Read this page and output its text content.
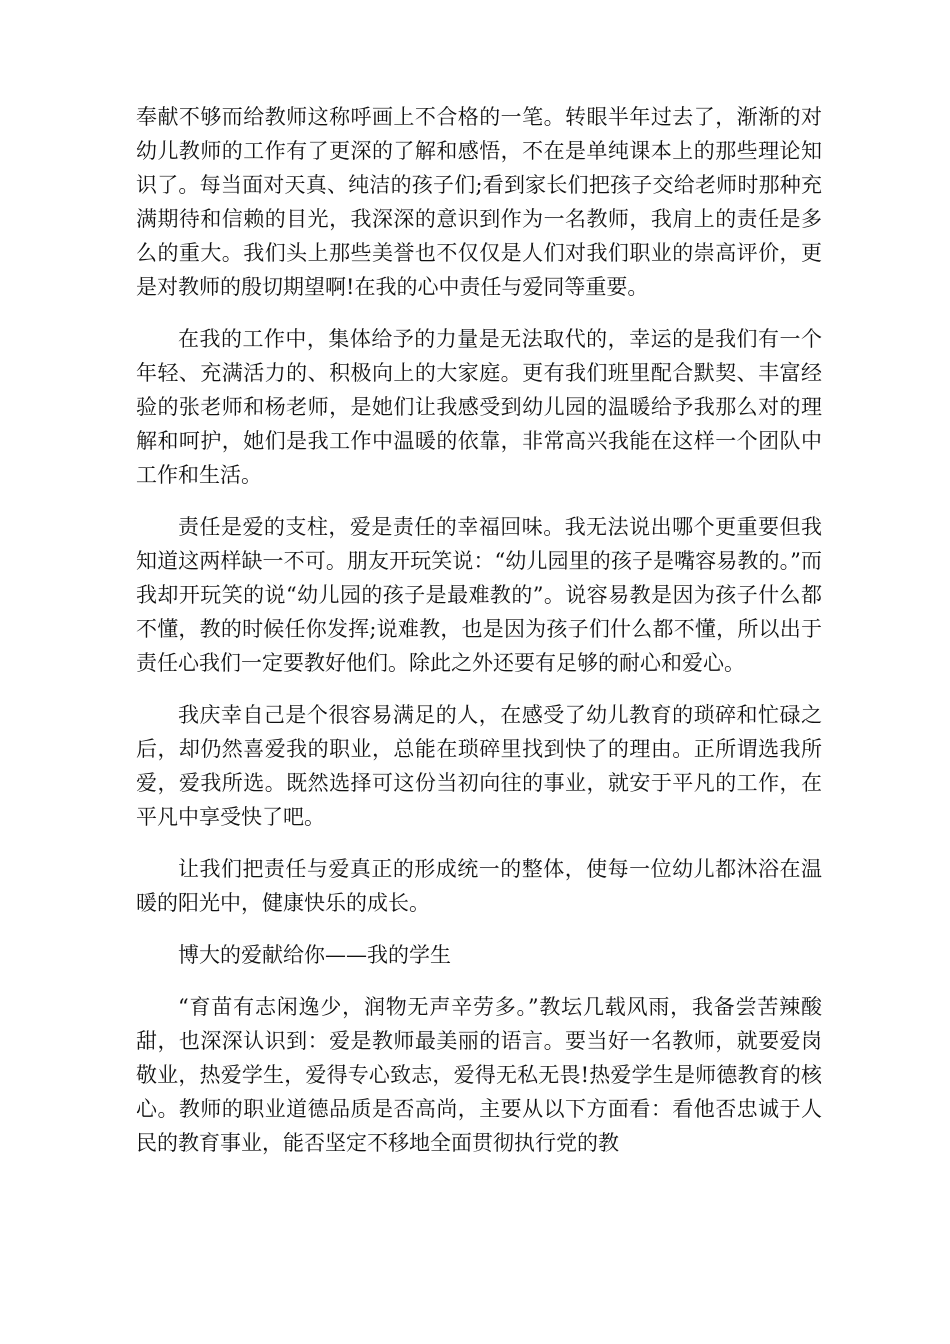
奉献不够而给教师这称呼画上不合格的一笔。转眼半年过去了，渐渐的对幼儿教师的工作有了更深的了解和感悟，不在是单纯课本上的那些理论知识了。每当面对天真、纯洁的孩子们;看到家长们把孩子交给老师时那种充满期待和信赖的目光，我深深的意识到作为一名教师，我肩上的责任是多么的重大。我们头上那些美誉也不仅仅是人们对我们职业的崇高评价，更是对教师的殷切期望啊!在我的心中责任与爱同等重要。

在我的工作中，集体给予的力量是无法取代的，幸运的是我们有一个年轻、充满活力的、积极向上的大家庭。更有我们班里配合默契、丰富经验的张老师和杨老师，是她们让我感受到幼儿园的温暖给予我那么对的理解和呵护，她们是我工作中温暖的依靠，非常高兴我能在这样一个团队中工作和生活。

责任是爱的支柱，爱是责任的幸福回味。我无法说出哪个更重要但我知道这两样缺一不可。朋友开玩笑说：“幼儿园里的孩子是嘴容易教的。”而我却开玩笑的说“幼儿园的孩子是最难教的”。说容易教是因为孩子什么都不懂，教的时候任你发挥;说难教，也是因为孩子们什么都不懂，所以出于责任心我们一定要教好他们。除此之外还要有足够的耐心和爱心。

我庆幸自己是个很容易满足的人，在感受了幼儿教育的琐碎和忙碌之后，却仍然喜爱我的职业，总能在琐碎里找到快了的理由。正所谓选我所爱，爱我所选。既然选择可这份当初向往的事业，就安于平凡的工作，在平凡中享受快了吧。

让我们把责任与爱真正的形成统一的整体，使每一位幼儿都沐浴在温暖的阳光中，健康快乐的成长。

博大的爱献给你——我的学生

“育苗有志闲逸少，润物无声辛劳多。”教坛几载风雨，我备尝苦辣酸甜，也深深认识到：爱是教师最美丽的语言。要当好一名教师，就要爱岗敬业，热爱学生，爱得专心致志，爱得无私无畏!热爱学生是师德教育的核心。教师的职业道德品质是否高尚，主要从以下方面看：看他否忠诚于人民的教育事业，能否坚定不移地全面贯彻执行党的教
